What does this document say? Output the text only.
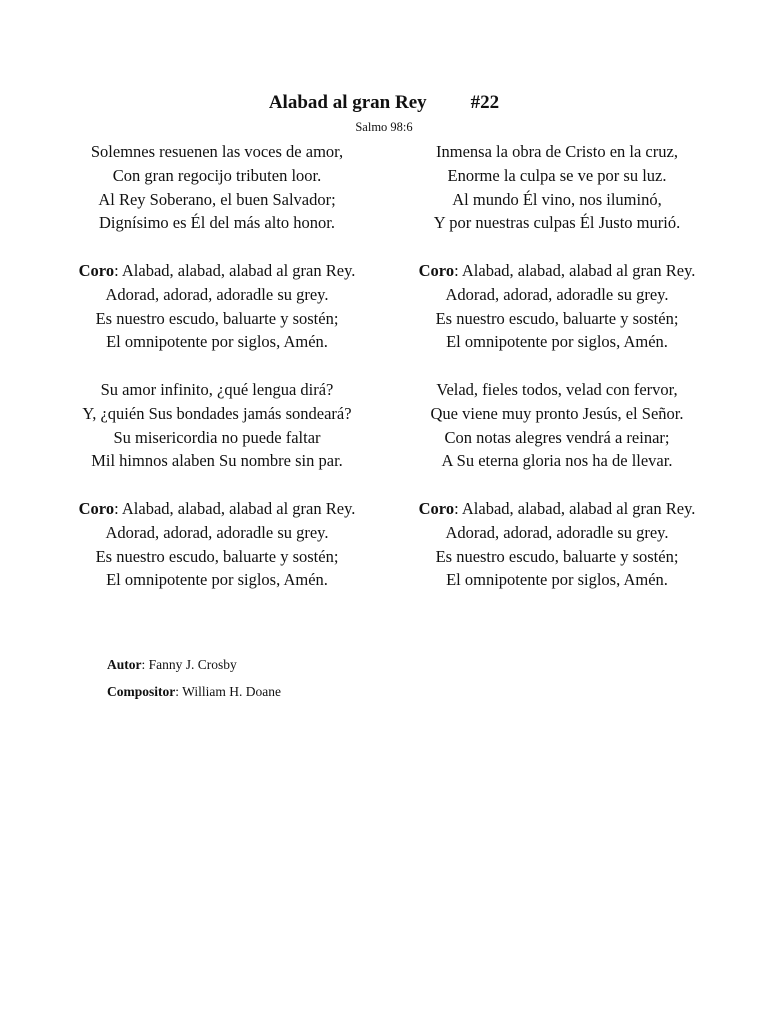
Alabad al gran Rey #22
Salmo 98:6
Solemnes resuenen las voces de amor,
Con gran regocijo tributen loor.
Al Rey Soberano, el buen Salvador;
Dignísimo es Él del más alto honor.
Coro: Alabad, alabad, alabad al gran Rey.
Adorad, adorad, adoradle su grey.
Es nuestro escudo, baluarte y sostén;
El omnipotente por siglos, Amén.
Su amor infinito, ¿qué lengua dirá?
Y, ¿quién Sus bondades jamás sondeará?
Su misericordia no puede faltar
Mil himnos alaben Su nombre sin par.
Coro: Alabad, alabad, alabad al gran Rey.
Adorad, adorad, adoradle su grey.
Es nuestro escudo, baluarte y sostén;
El omnipotente por siglos, Amén.
Inmensa la obra de Cristo en la cruz,
Enorme la culpa se ve por su luz.
Al mundo Él vino, nos iluminó,
Y por nuestras culpas Él Justo murió.
Coro: Alabad, alabad, alabad al gran Rey.
Adorad, adorad, adoradle su grey.
Es nuestro escudo, baluarte y sostén;
El omnipotente por siglos, Amén.
Velad, fieles todos, velad con fervor,
Que viene muy pronto Jesús, el Señor.
Con notas alegres vendrá a reinar;
A Su eterna gloria nos ha de llevar.
Coro: Alabad, alabad, alabad al gran Rey.
Adorad, adorad, adoradle su grey.
Es nuestro escudo, baluarte y sostén;
El omnipotente por siglos, Amén.
Autor: Fanny J. Crosby
Compositor: William H. Doane
